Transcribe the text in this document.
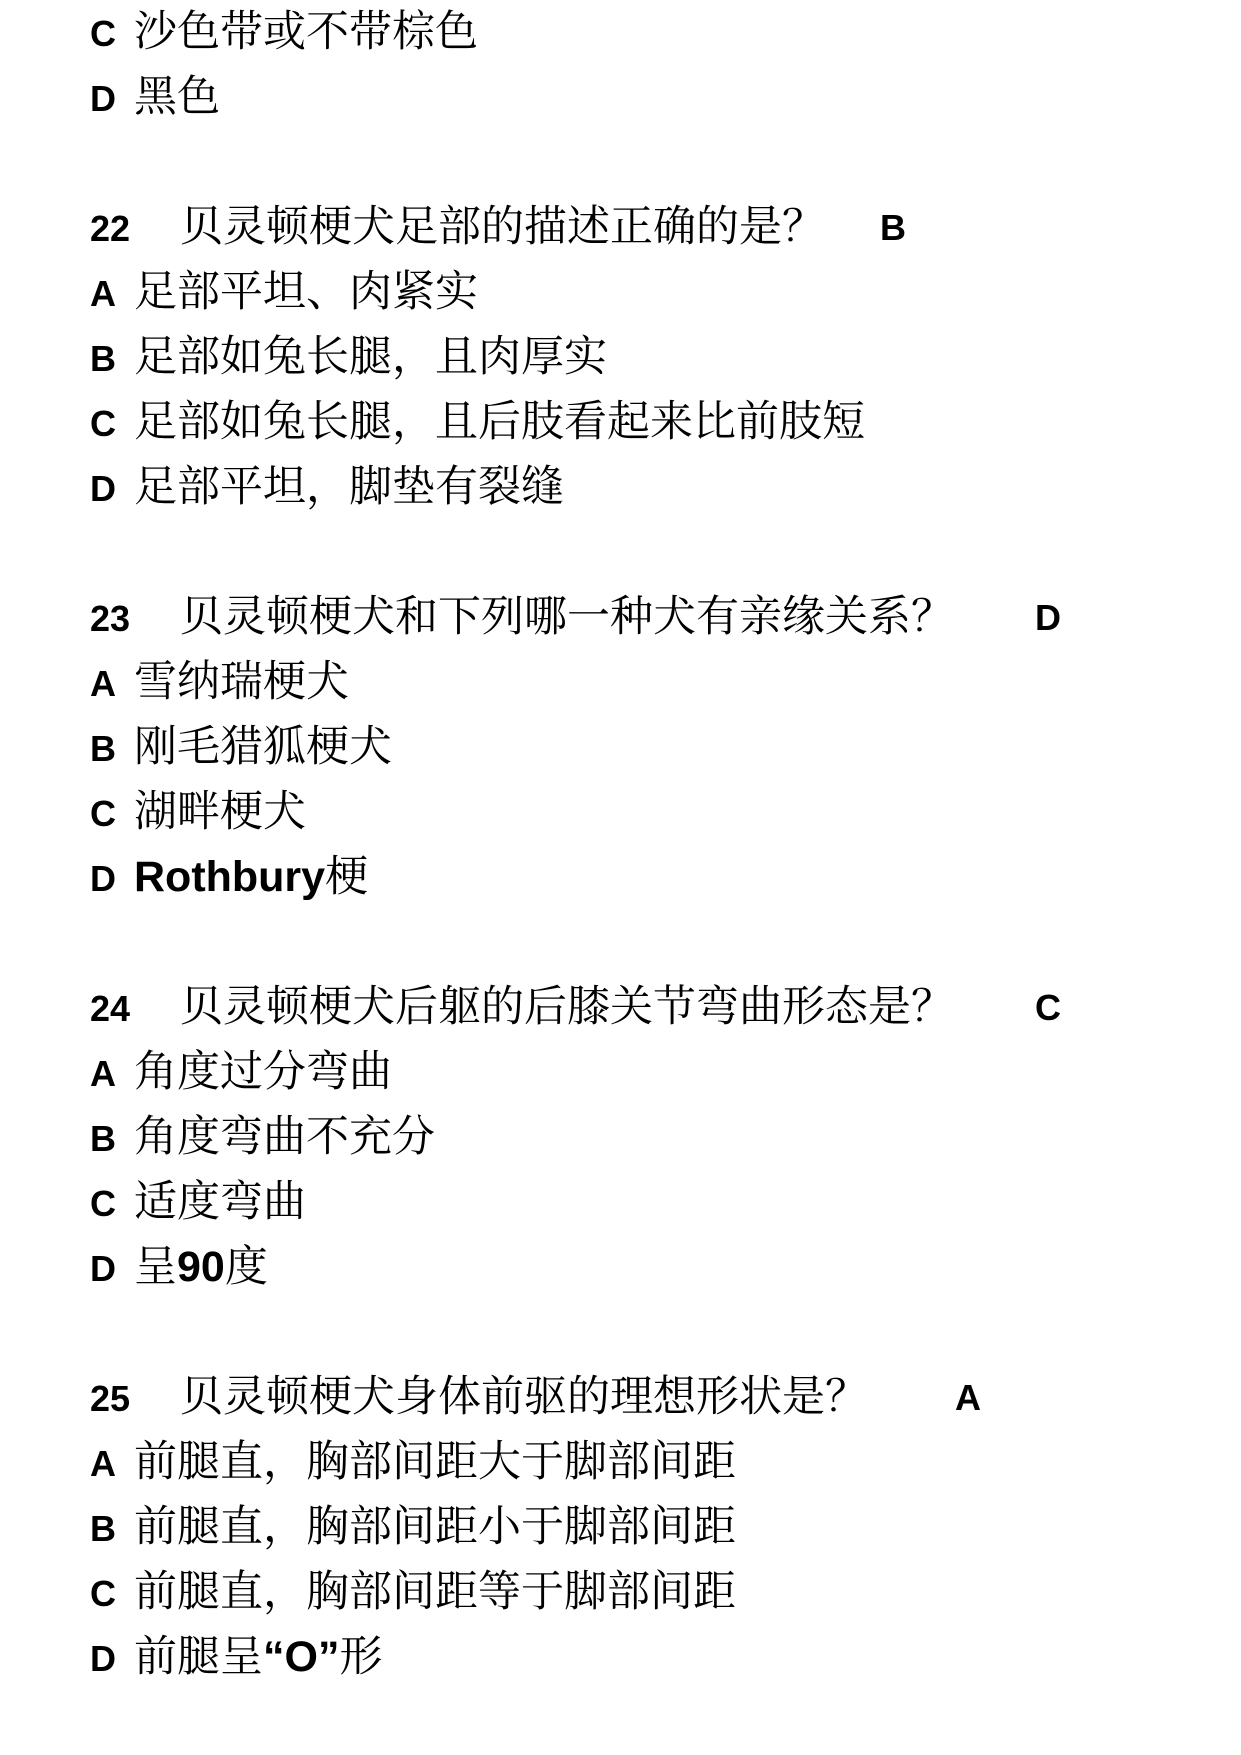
C 沙色带或不带棕色
D 黑色
22 贝灵顿梗犬足部的描述正确的是？ B
A 足部平坦、肉紧实
B 足部如兔长腿，且肉厚实
C 足部如兔长腿，且后肢看起来比前肢短
D 足部平坦，脚垫有裂缝
23 贝灵顿梗犬和下列哪一种犬有亲缘关系？ D
A 雪纳瑞梗犬
B 刚毛猎狐梗犬
C 湖畔梗犬
D Rothbury梗
24 贝灵顿梗犬后躯的后膝关节弯曲形态是？ C
A 角度过分弯曲
B 角度弯曲不充分
C 适度弯曲
D 呈90度
25 贝灵顿梗犬身体前驱的理想形状是？ A
A 前腿直，胸部间距大于脚部间距
B 前腿直，胸部间距小于脚部间距
C 前腿直，胸部间距等于脚部间距
D 前腿呈“O”形
